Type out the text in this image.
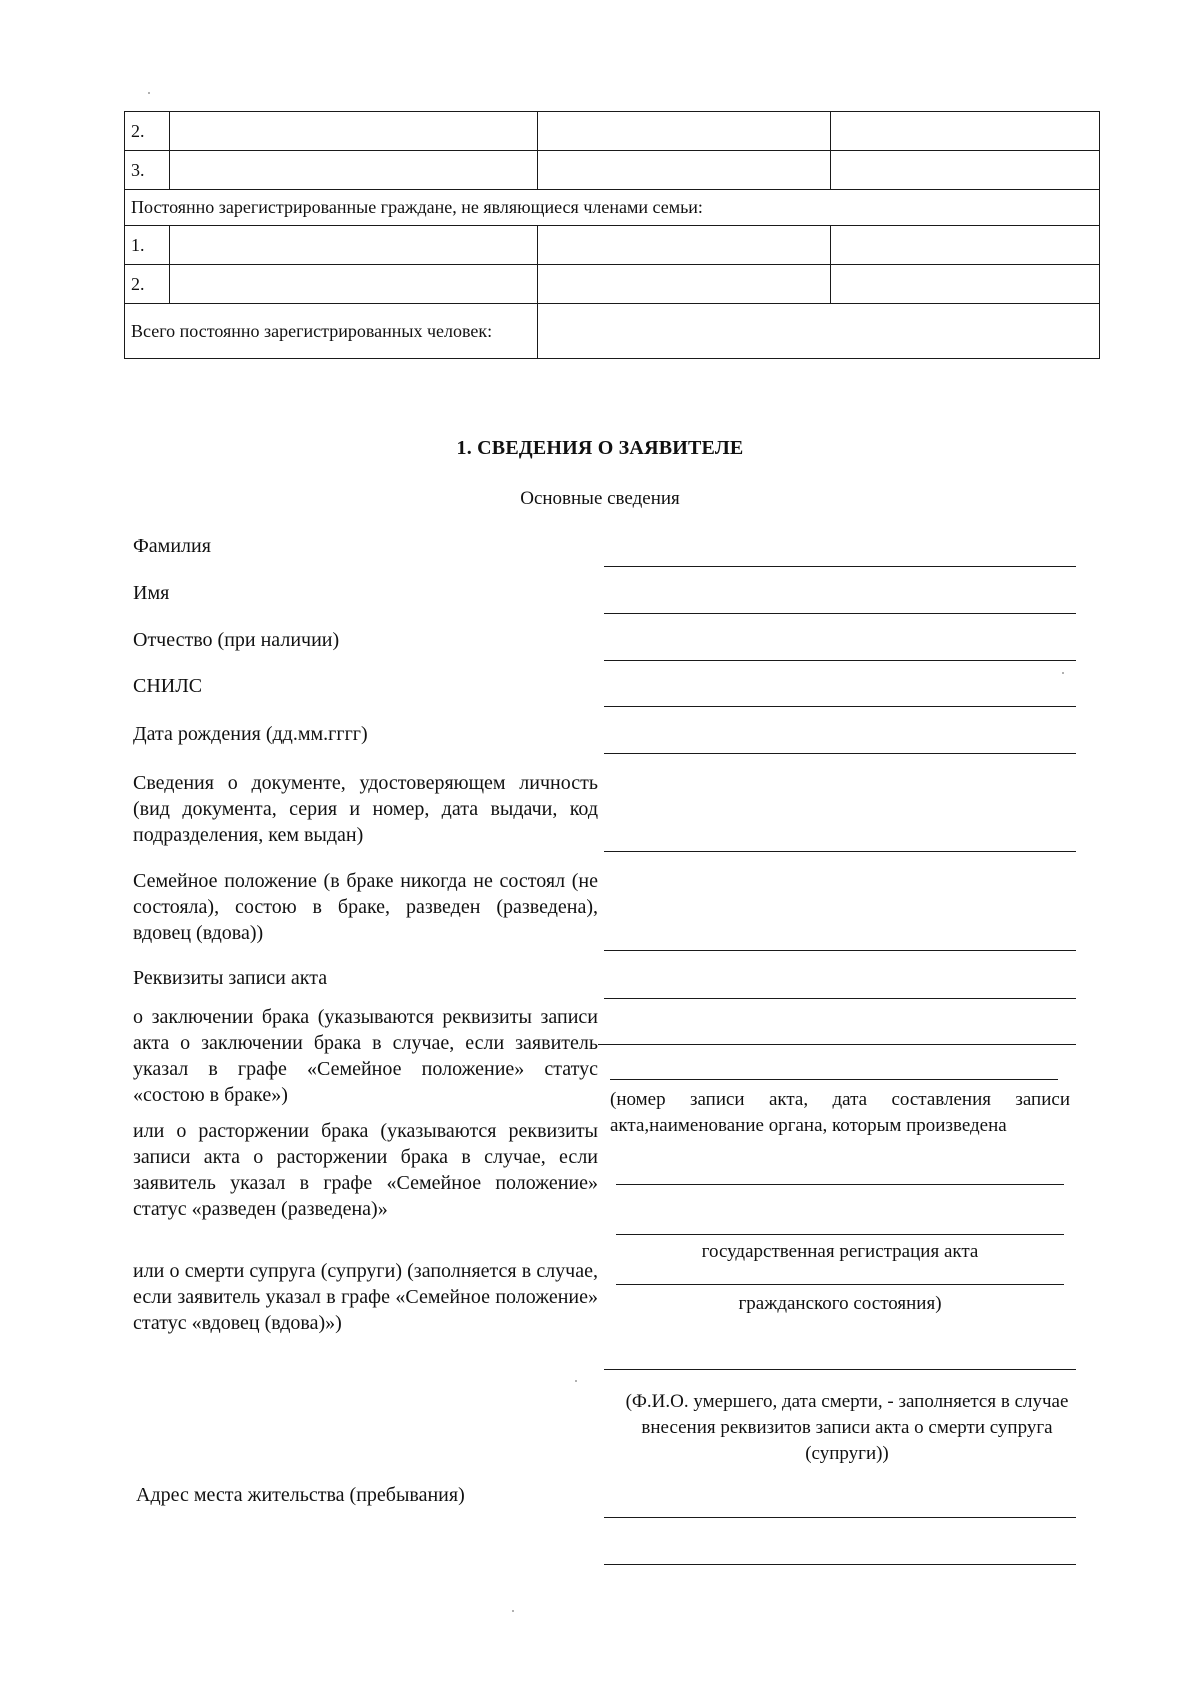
2.			
3.			
Постоянно зарегистрированные граждане, не являющиеся членами семьи:			
1.			
2.			
Всего постоянно зарегистрированных человек:			
1. СВЕДЕНИЯ О ЗАЯВИТЕЛЕ
Основные сведения
Фамилия
Имя
Отчество (при наличии)
СНИЛС
Дата рождения (дд.мм.гггг)
Сведения о документе, удостоверяющем личность (вид документа, серия и номер, дата выдачи, код подразделения, кем выдан)
Семейное положение (в браке никогда не состоял (не состояла), состою в браке, разведен (разведена), вдовец (вдова))
Реквизиты записи акта
о заключении брака (указываются реквизиты записи акта о заключении брака в случае, если заявитель указал в графе «Семейное положение» статус «состою в браке»)
или о расторжении брака (указываются реквизиты записи акта о расторжении брака в случае, если заявитель указал в графе «Семейное положение» статус «разведен (разведена)»
или о смерти супруга (супруги) (заполняется в случае, если заявитель указал в графе «Семейное положение» статус «вдовец (вдова)»)
Адрес места жительства (пребывания)
(номер записи акта, дата составления записи акта,наименование органа, которым произведена
государственная регистрация акта
гражданского состояния)
(Ф.И.О. умершего, дата смерти, - заполняется в случае внесения реквизитов записи акта о смерти супруга (супруги))
